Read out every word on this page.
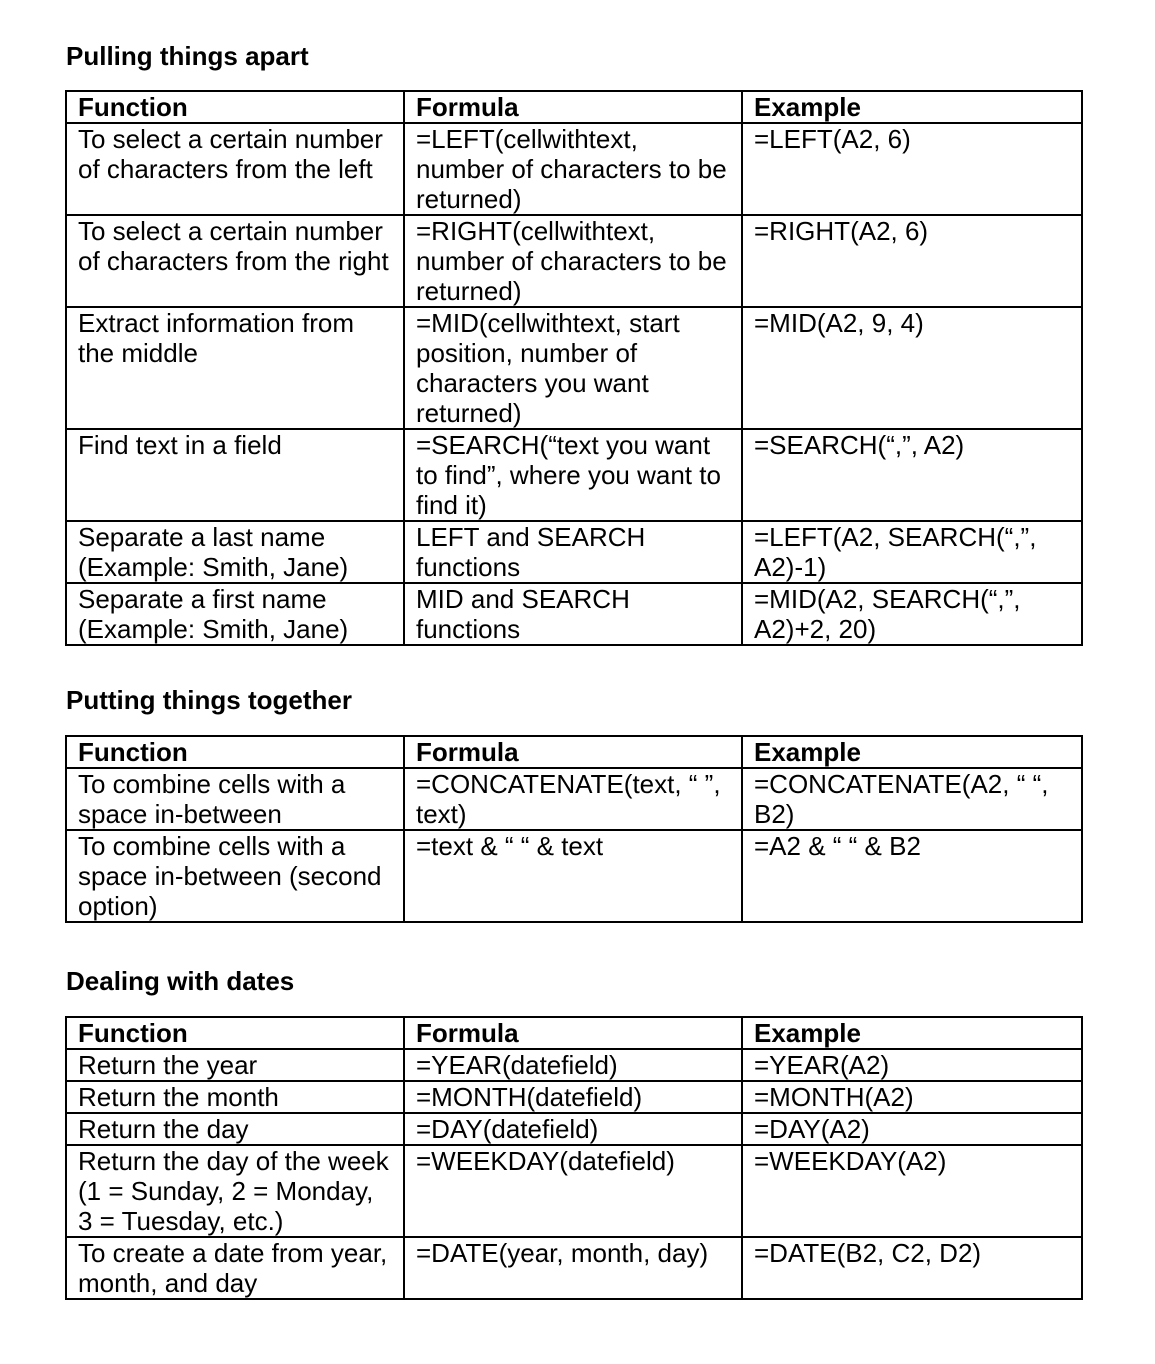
Pulling things apart
Function	Formula	Example
To select a certain number of characters from the left	=LEFT(cellwithtext, number of characters to be returned)	=LEFT(A2, 6)
To select a certain number of characters from the right	=RIGHT(cellwithtext, number of characters to be returned)	=RIGHT(A2, 6)
Extract information from the middle	=MID(cellwithtext, start position, number of characters you want returned)	=MID(A2, 9, 4)
Find text in a field	=SEARCH(“text you want to find”, where you want to find it)	=SEARCH(“,”, A2)
Separate a last name (Example: Smith, Jane)	LEFT and SEARCH functions	=LEFT(A2, SEARCH(“,”, A2)-1)
Separate a first name (Example: Smith, Jane)	MID and SEARCH functions	=MID(A2, SEARCH(“,”, A2)+2, 20)
Putting things together
Function	Formula	Example
To combine cells with a space in-between	=CONCATENATE(text, “ ”, text)	=CONCATENATE(A2, “ “, B2)
To combine cells with a space in-between (second option)	=text & “ “ & text	=A2 & “ “ & B2
Dealing with dates
Function	Formula	Example
Return the year	=YEAR(datefield)	=YEAR(A2)
Return the month	=MONTH(datefield)	=MONTH(A2)
Return the day	=DAY(datefield)	=DAY(A2)
Return the day of the week (1 = Sunday, 2 = Monday, 3 = Tuesday, etc.)	=WEEKDAY(datefield)	=WEEKDAY(A2)
To create a date from year, month, and day	=DATE(year, month, day)	=DATE(B2, C2, D2)
